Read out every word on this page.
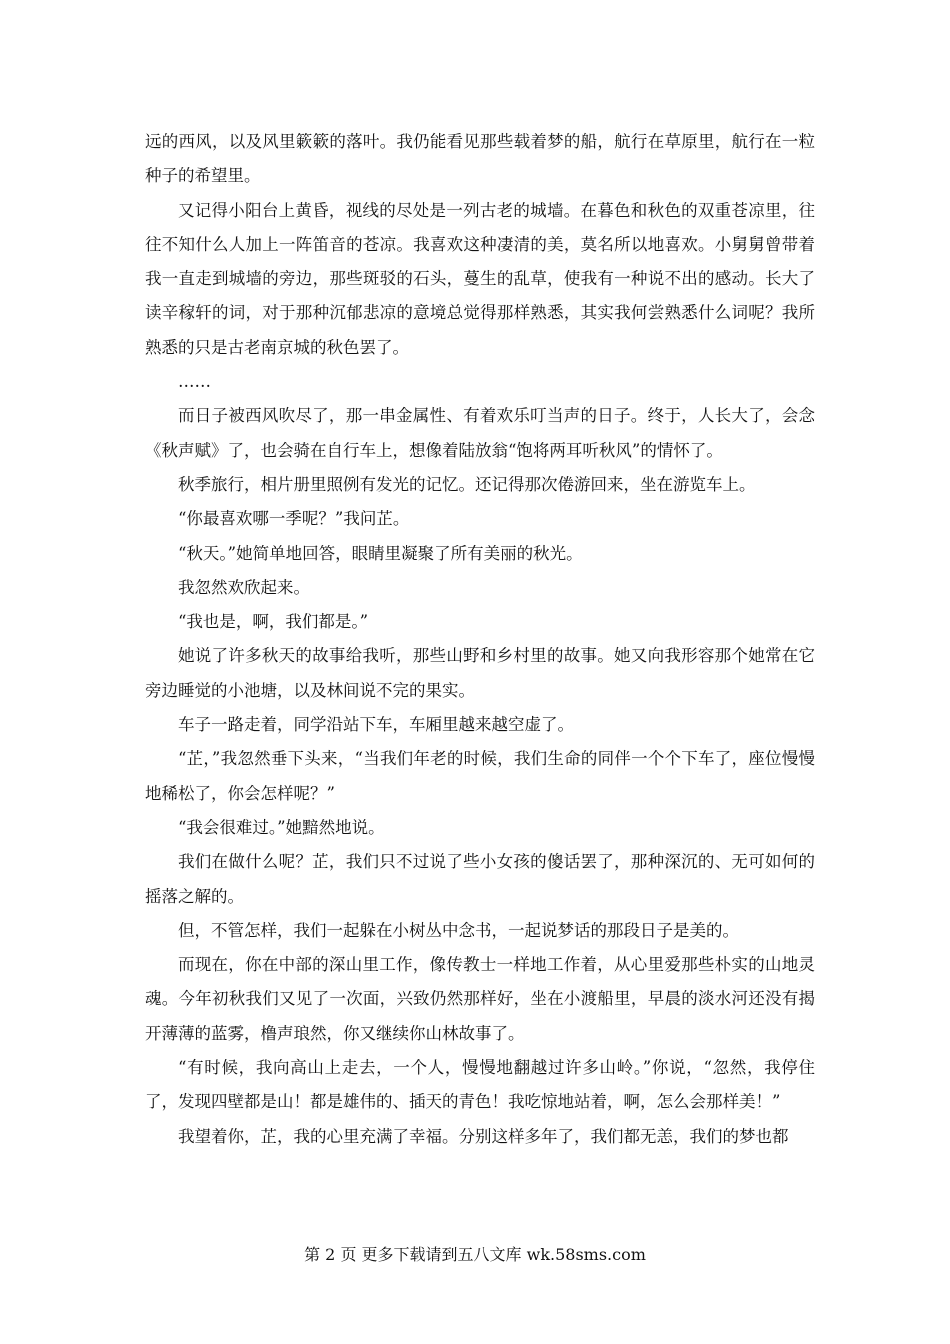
远的西风，以及风里簌簌的落叶。我仍能看见那些载着梦的船，航行在草原里，航行在一粒种子的希望里。

又记得小阳台上黄昏，视线的尽处是一列古老的城墙。在暮色和秋色的双重苍凉里，往往不知什么人加上一阵笛音的苍凉。我喜欢这种凄清的美，莫名所以地喜欢。小舅舅曾带着我一直走到城墙的旁边，那些斑驳的石头，蔓生的乱草，使我有一种说不出的感动。长大了读辛稼轩的词，对于那种沉郁悲凉的意境总觉得那样熟悉，其实我何尝熟悉什么词呢？我所熟悉的只是古老南京城的秋色罢了。

……

而日子被西风吹尽了，那一串金属性、有着欢乐叮当声的日子。终于，人长大了，会念《秋声赋》了，也会骑在自行车上，想像着陆放翁“饱将两耳听秋风”的情怀了。

秋季旅行，相片册里照例有发光的记忆。还记得那次倦游回来，坐在游览车上。

“你最喜欢哪一季呢？”我问芷。

“秋天。”她简单地回答，眼睛里凝聚了所有美丽的秋光。

我忽然欢欣起来。

“我也是，啊，我们都是。”

她说了许多秋天的故事给我听，那些山野和乡村里的故事。她又向我形容那个她常在它旁边睡觉的小池塘，以及林间说不完的果实。

车子一路走着，同学沿站下车，车厢里越来越空虚了。

“芷，”我忽然垂下头来，“当我们年老的时候，我们生命的同伴一个个下车了，座位慢慢地稀松了，你会怎样呢？”

“我会很难过。”她黯然地说。

我们在做什么呢？芷，我们只不过说了些小女孩的傻话罢了，那种深沉的、无可如何的摇落之解的。

但，不管怎样，我们一起躲在小树丛中念书，一起说梦话的那段日子是美的。

而现在，你在中部的深山里工作，像传教士一样地工作着，从心里爱那些朴实的山地灵魂。今年初秋我们又见了一次面，兴致仍然那样好，坐在小渡船里，早晨的淡水河还没有揭开薄薄的蓝雾，橹声琅然，你又继续你山林故事了。

“有时候，我向高山上走去，一个人，慢慢地翻越过许多山岭。”你说，“忽然，我停住了，发现四壁都是山！都是雄伟的、插天的青色！我吃惊地站着，啊，怎么会那样美！”

我望着你，芷，我的心里充满了幸福。分别这样多年了，我们都无恙，我们的梦也都

第 2 页 更多下载请到五八文库 wk.58sms.com
